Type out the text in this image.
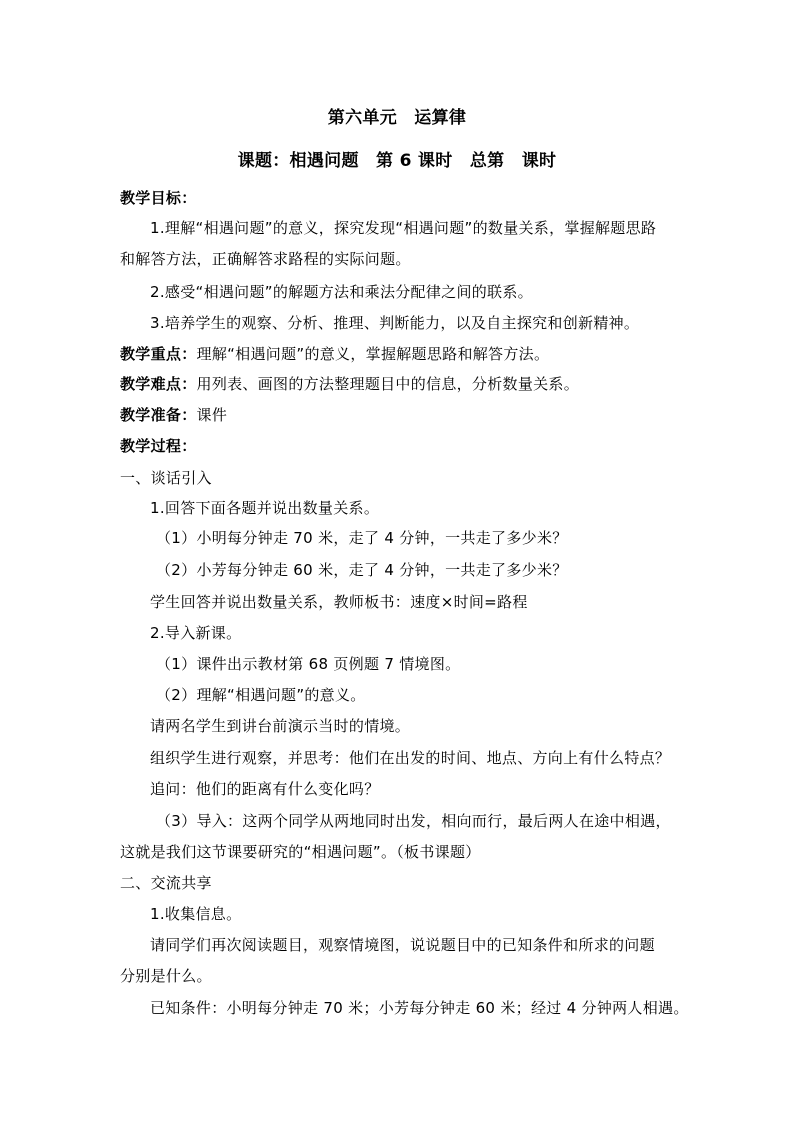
第六单元　运算律
课题：相遇问题　第 6 课时　总第　课时
教学目标：
1.理解“相遇问题”的意义，探究发现“相遇问题”的数量关系，掌握解题思路
和解答方法，正确解答求路程的实际问题。
2.感受“相遇问题”的解题方法和乘法分配律之间的联系。
3.培养学生的观察、分析、推理、判断能力，以及自主探究和创新精神。
教学重点：理解“相遇问题”的意义，掌握解题思路和解答方法。
教学难点：用列表、画图的方法整理题目中的信息，分析数量关系。
教学准备：课件
教学过程：
一、谈话引入
1.回答下面各题并说出数量关系。
（1）小明每分钟走 70 米，走了 4 分钟，一共走了多少米？
（2）小芳每分钟走 60 米，走了 4 分钟，一共走了多少米？
学生回答并说出数量关系，教师板书：速度×时间=路程
2.导入新课。
（1）课件出示教材第 68 页例题 7 情境图。
（2）理解“相遇问题”的意义。
请两名学生到讲台前演示当时的情境。
组织学生进行观察，并思考：他们在出发的时间、地点、方向上有什么特点？
追问：他们的距离有什么变化吗？
（3）导入：这两个同学从两地同时出发，相向而行，最后两人在途中相遇，
这就是我们这节课要研究的“相遇问题”。（板书课题）
二、交流共享
1.收集信息。
请同学们再次阅读题目，观察情境图，说说题目中的已知条件和所求的问题
分别是什么。
已知条件：小明每分钟走 70 米；小芳每分钟走 60 米；经过 4 分钟两人相遇。
